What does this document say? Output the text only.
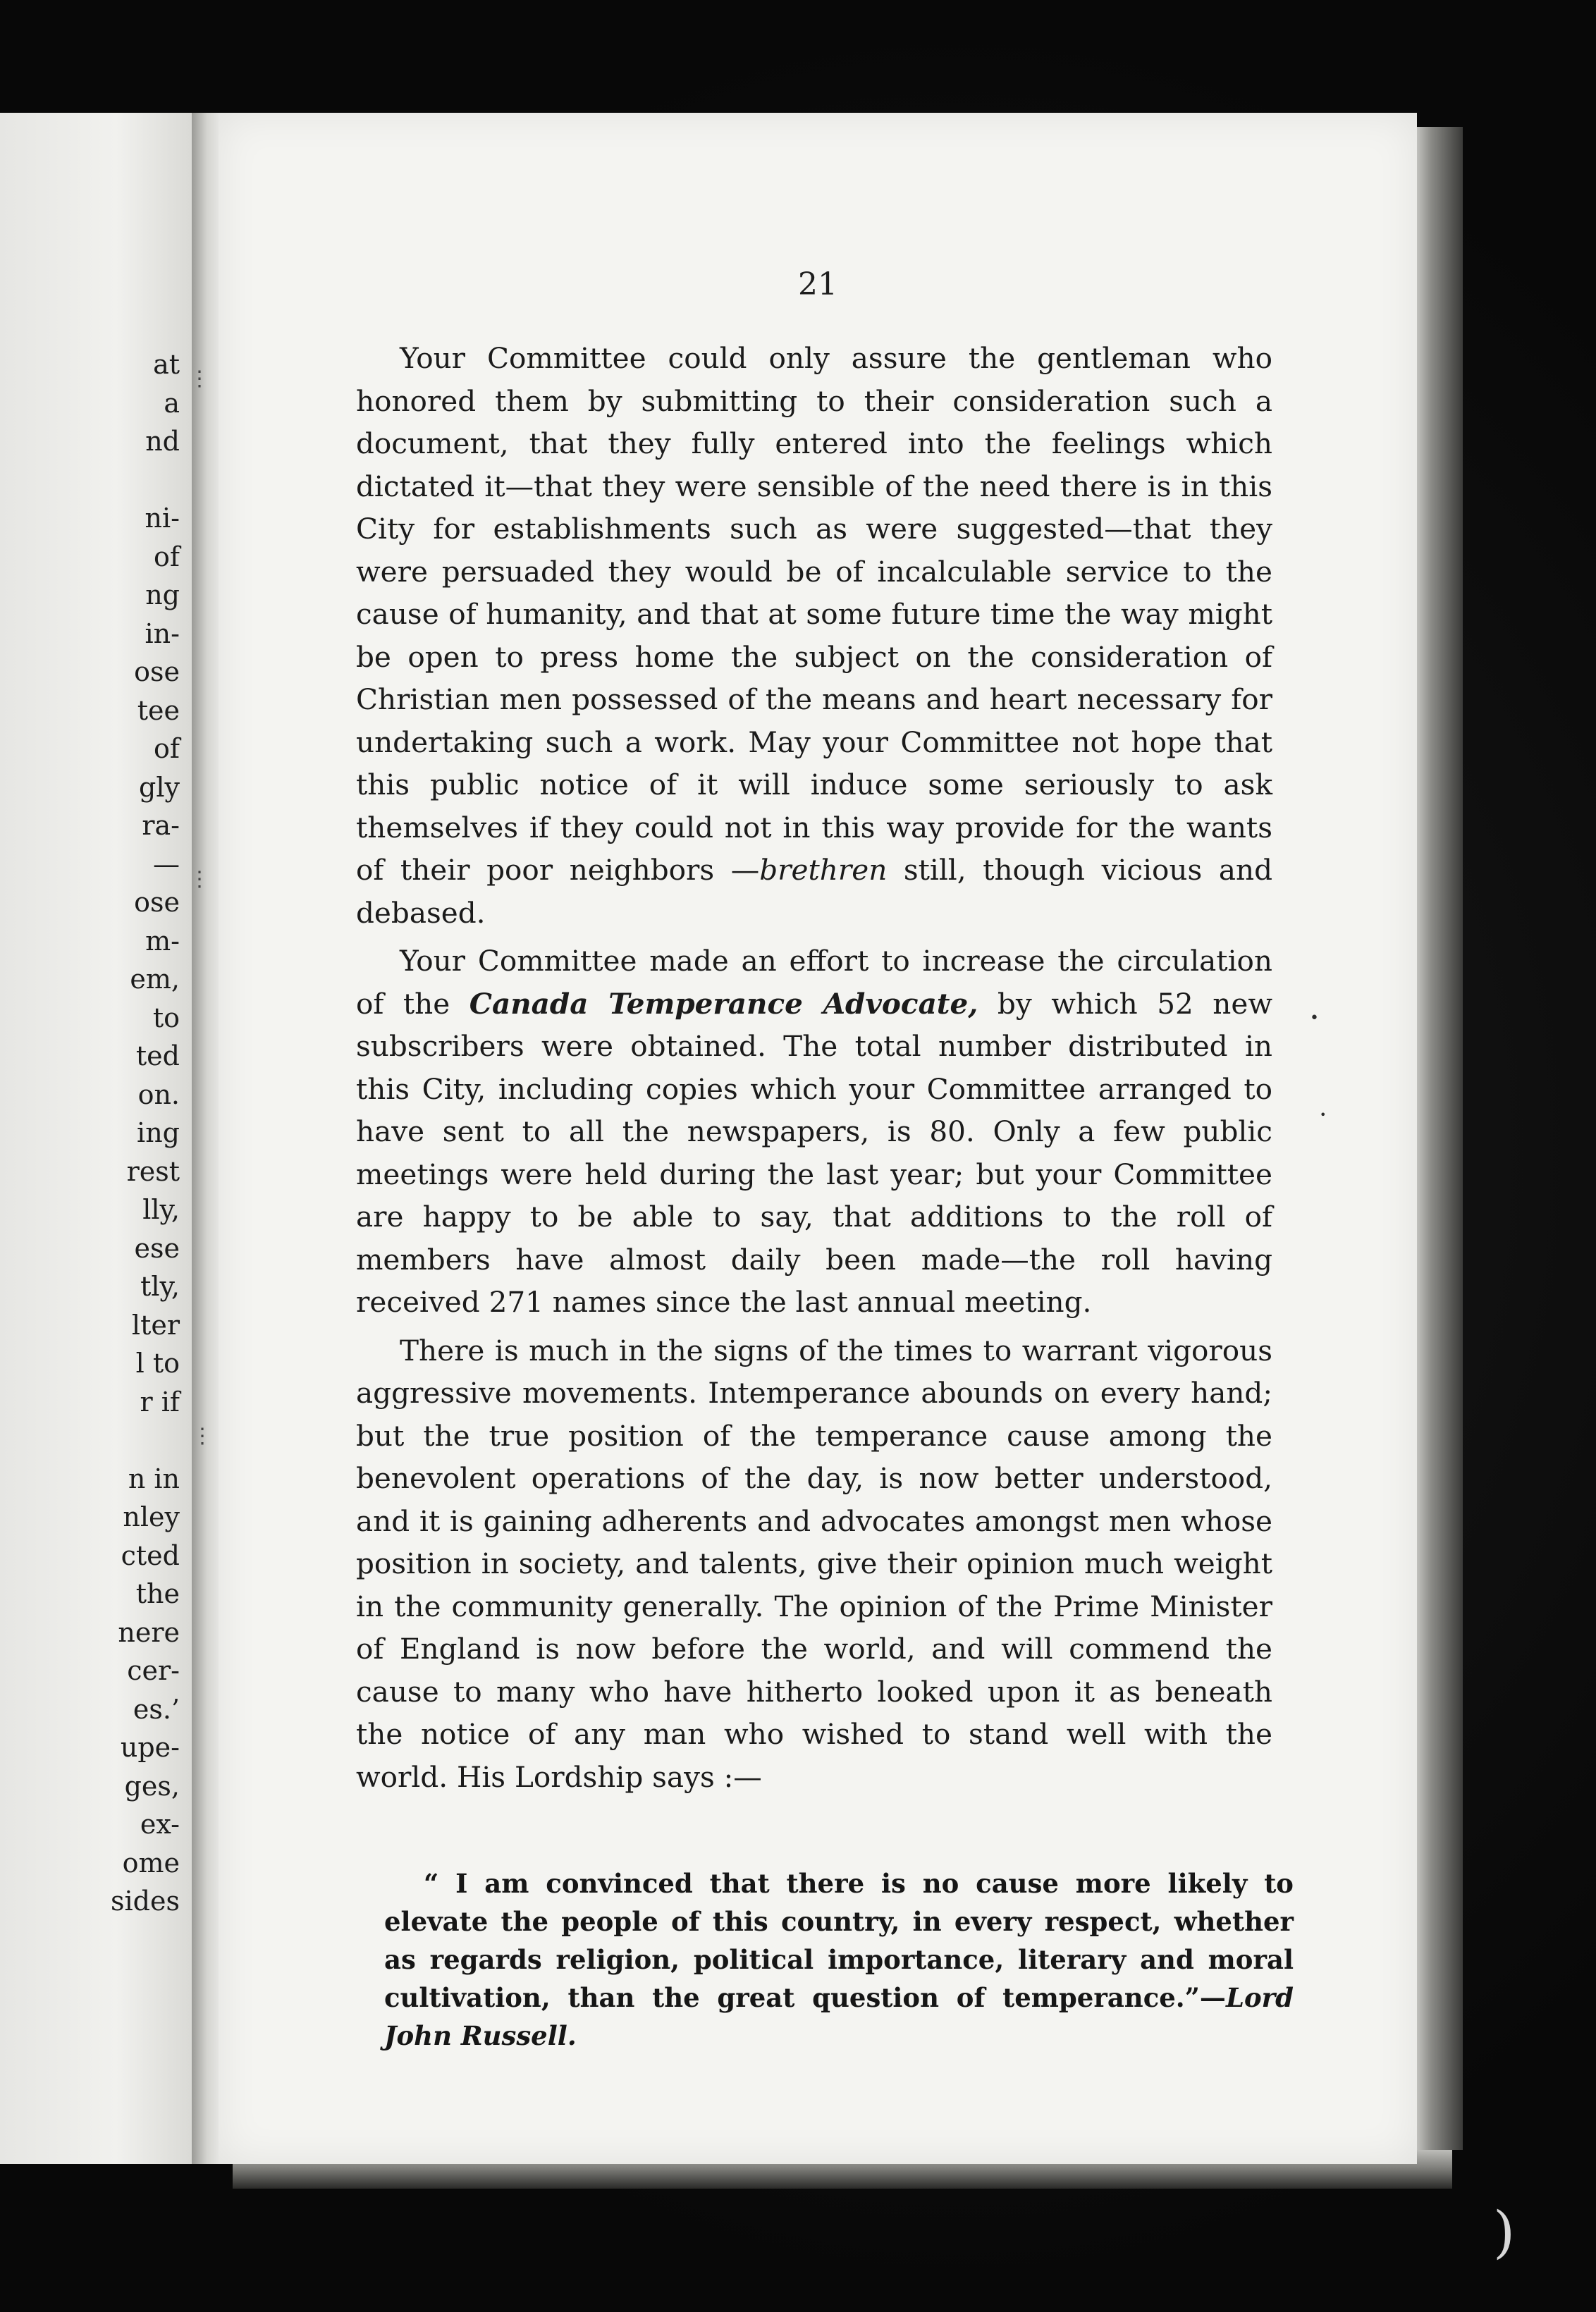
at
a
nd
ni-
of
ng
in-
ose
tee
of
gly
ra-
—
ose
m-
em,
to
ted
on.
ing
rest
lly,
ese
tly,
lter
l to
r if
n in
nley
cted
the
nere
cer-
es.’
upe-
ges,
ex-
ome
sides

21

Your Committee could only assure the gentleman who honored them by submitting to their consideration such a document, that they fully entered into the feelings which dictated it—that they were sensible of the need there is in this City for establishments such as were suggested—that they were persuaded they would be of incalculable service to the cause of humanity, and that at some future time the way might be open to press home the subject on the consideration of Christian men possessed of the means and heart necessary for undertaking such a work. May your Committee not hope that this public notice of it will induce some seriously to ask themselves if they could not in this way provide for the wants of their poor neighbors —brethren still, though vicious and debased.

Your Committee made an effort to increase the circulation of the Canada Temperance Advocate, by which 52 new subscribers were obtained. The total number distributed in this City, including copies which your Committee arranged to have sent to all the newspapers, is 80. Only a few public meetings were held during the last year; but your Committee are happy to be able to say, that additions to the roll of members have almost daily been made—the roll having received 271 names since the last annual meeting.

There is much in the signs of the times to warrant vigorous aggressive movements. Intemperance abounds on every hand; but the true position of the temperance cause among the benevolent operations of the day, is now better understood, and it is gaining adherents and advocates amongst men whose position in society, and talents, give their opinion much weight in the community generally. The opinion of the Prime Minister of England is now before the world, and will commend the cause to many who have hitherto looked upon it as beneath the notice of any man who wished to stand well with the world. His Lordship says :—

“ I am convinced that there is no cause more likely to elevate the people of this country, in every respect, whether as regards religion, political importance, literary and moral cultivation, than the great question of temperance.”—Lord John Russell.

•
•
⋮
⋮
⋮
)
